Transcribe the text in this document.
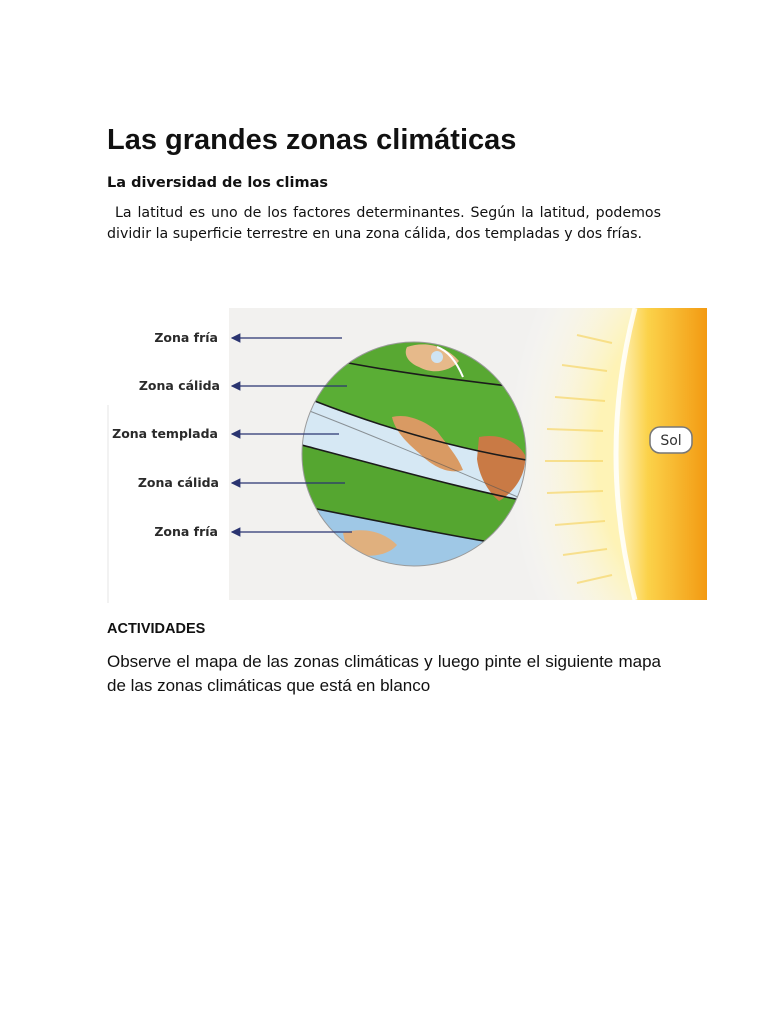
Las grandes zonas climáticas
La diversidad de los climas

La latitud es uno de los factores determinantes. Según la latitud, podemos dividir la superficie terrestre en una zona cálida, dos templadas y dos frías.

Sol
Zona fría
Zona cálida
Zona templada
Zona cálida
Zona fría
ACTIVIDADES

Observe el mapa de las zonas climáticas y luego pinte el siguiente mapa de las zonas climáticas que está en blanco
